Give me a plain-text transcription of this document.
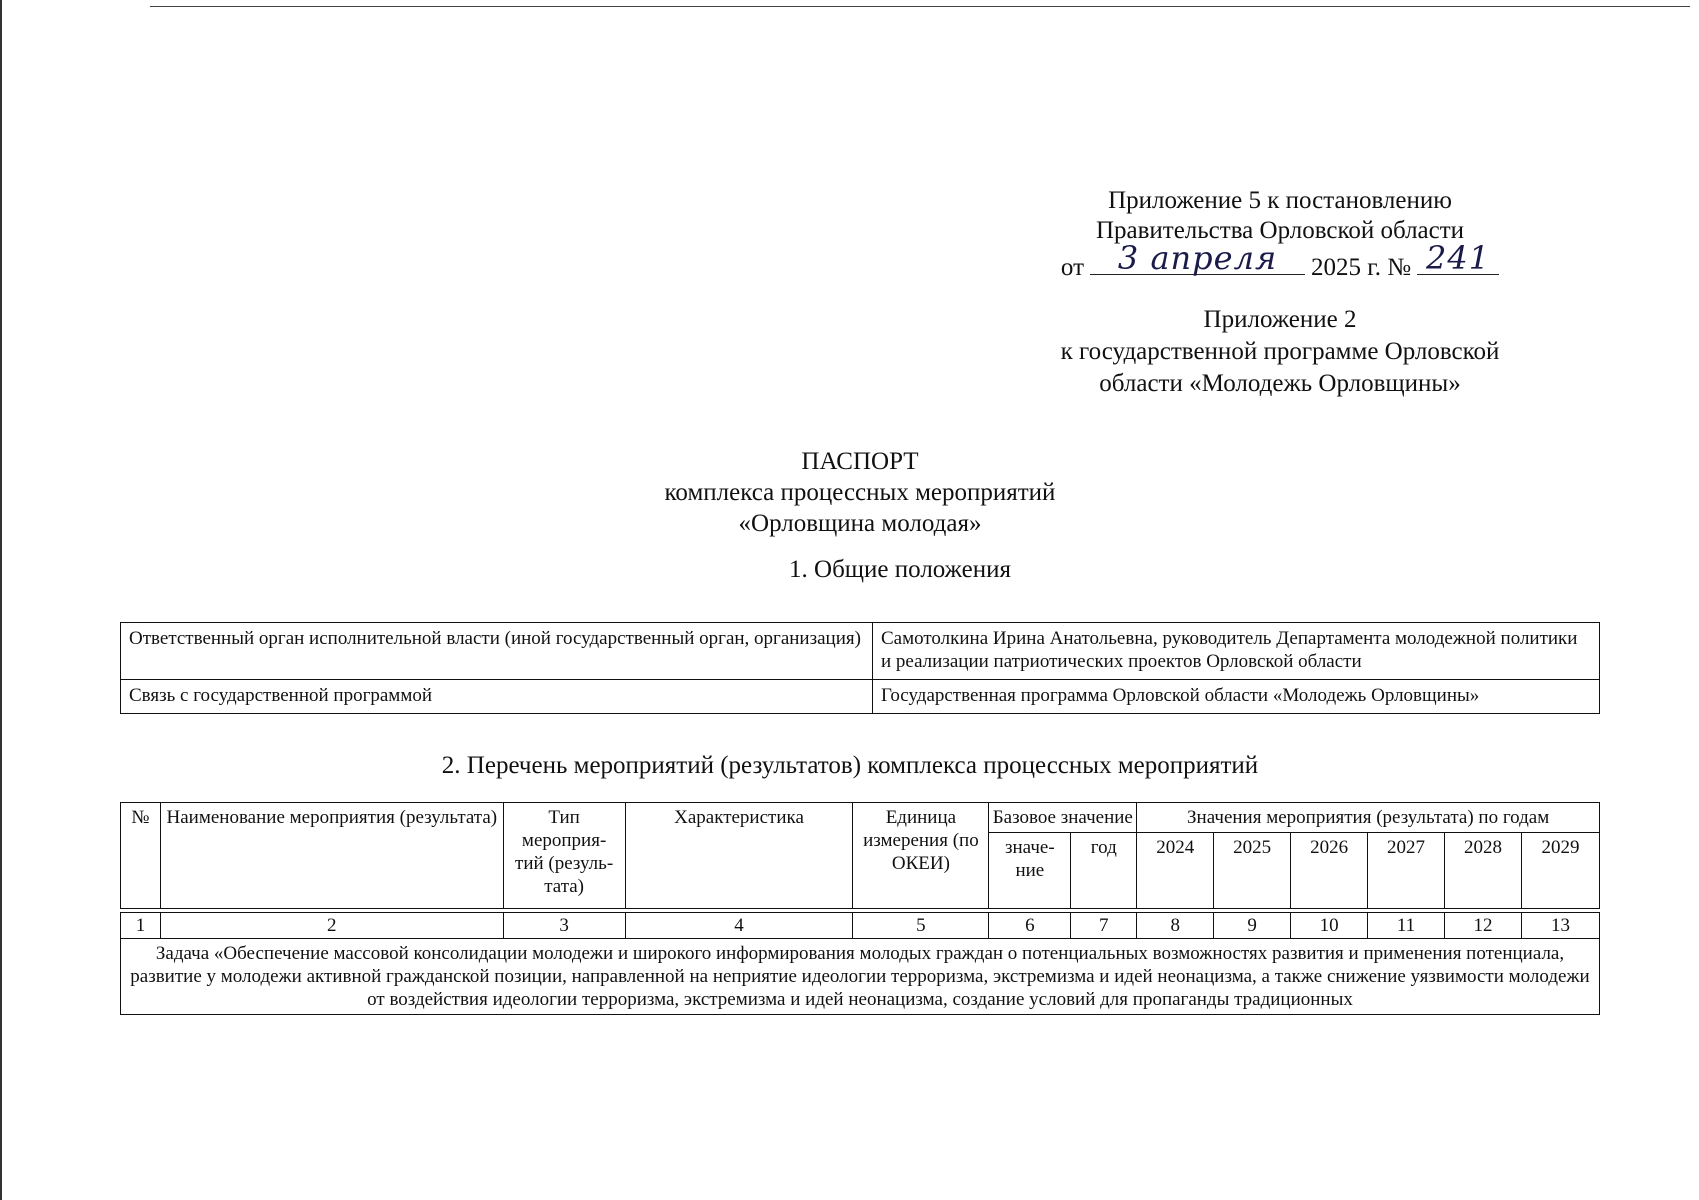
Приложение 5 к постановлению
Правительства Орловской области
от	3 апреля	2025 г. № 241
Приложение 2
к государственной программе Орловской
области «Молодежь Орловщины»
ПАСПОРТ
комплекса процессных мероприятий
«Орловщина молодая»
1. Общие положения
Ответственный орган исполнительной власти (иной государственный орган, организация)	Самотолкина Ирина Анатольевна, руководитель Департамента молодежной политики и реализации патриотических проектов Орловской области
Связь с государственной программой	Государственная программа Орловской области «Молодежь Орловщины»
2. Перечень мероприятий (результатов) комплекса процессных мероприятий
№	Наименование мероприятия (результата)	Тип мероприя- тий (резуль- тата)	Характеристика	Единица измерения (по ОКЕИ)	Базовое значение		Значения мероприятия (результата) по годам					
					значе- ние	год	2024	2025	2026	2027	2028	2029

1	2	3	4	5	6	7	8	9	10	11	12	13
Задача «Обеспечение массовой консолидации молодежи и широкого информирования молодых граждан о потенциальных возможностях развития и применения потенциала, развитие у молодежи активной гражданской позиции, направленной на неприятие идеологии терроризма, экстремизма и идей неонацизма, а также снижение уязвимости молодежи от воздействия идеологии терроризма, экстремизма и идей неонацизма, создание условий для пропаганды традиционных												
